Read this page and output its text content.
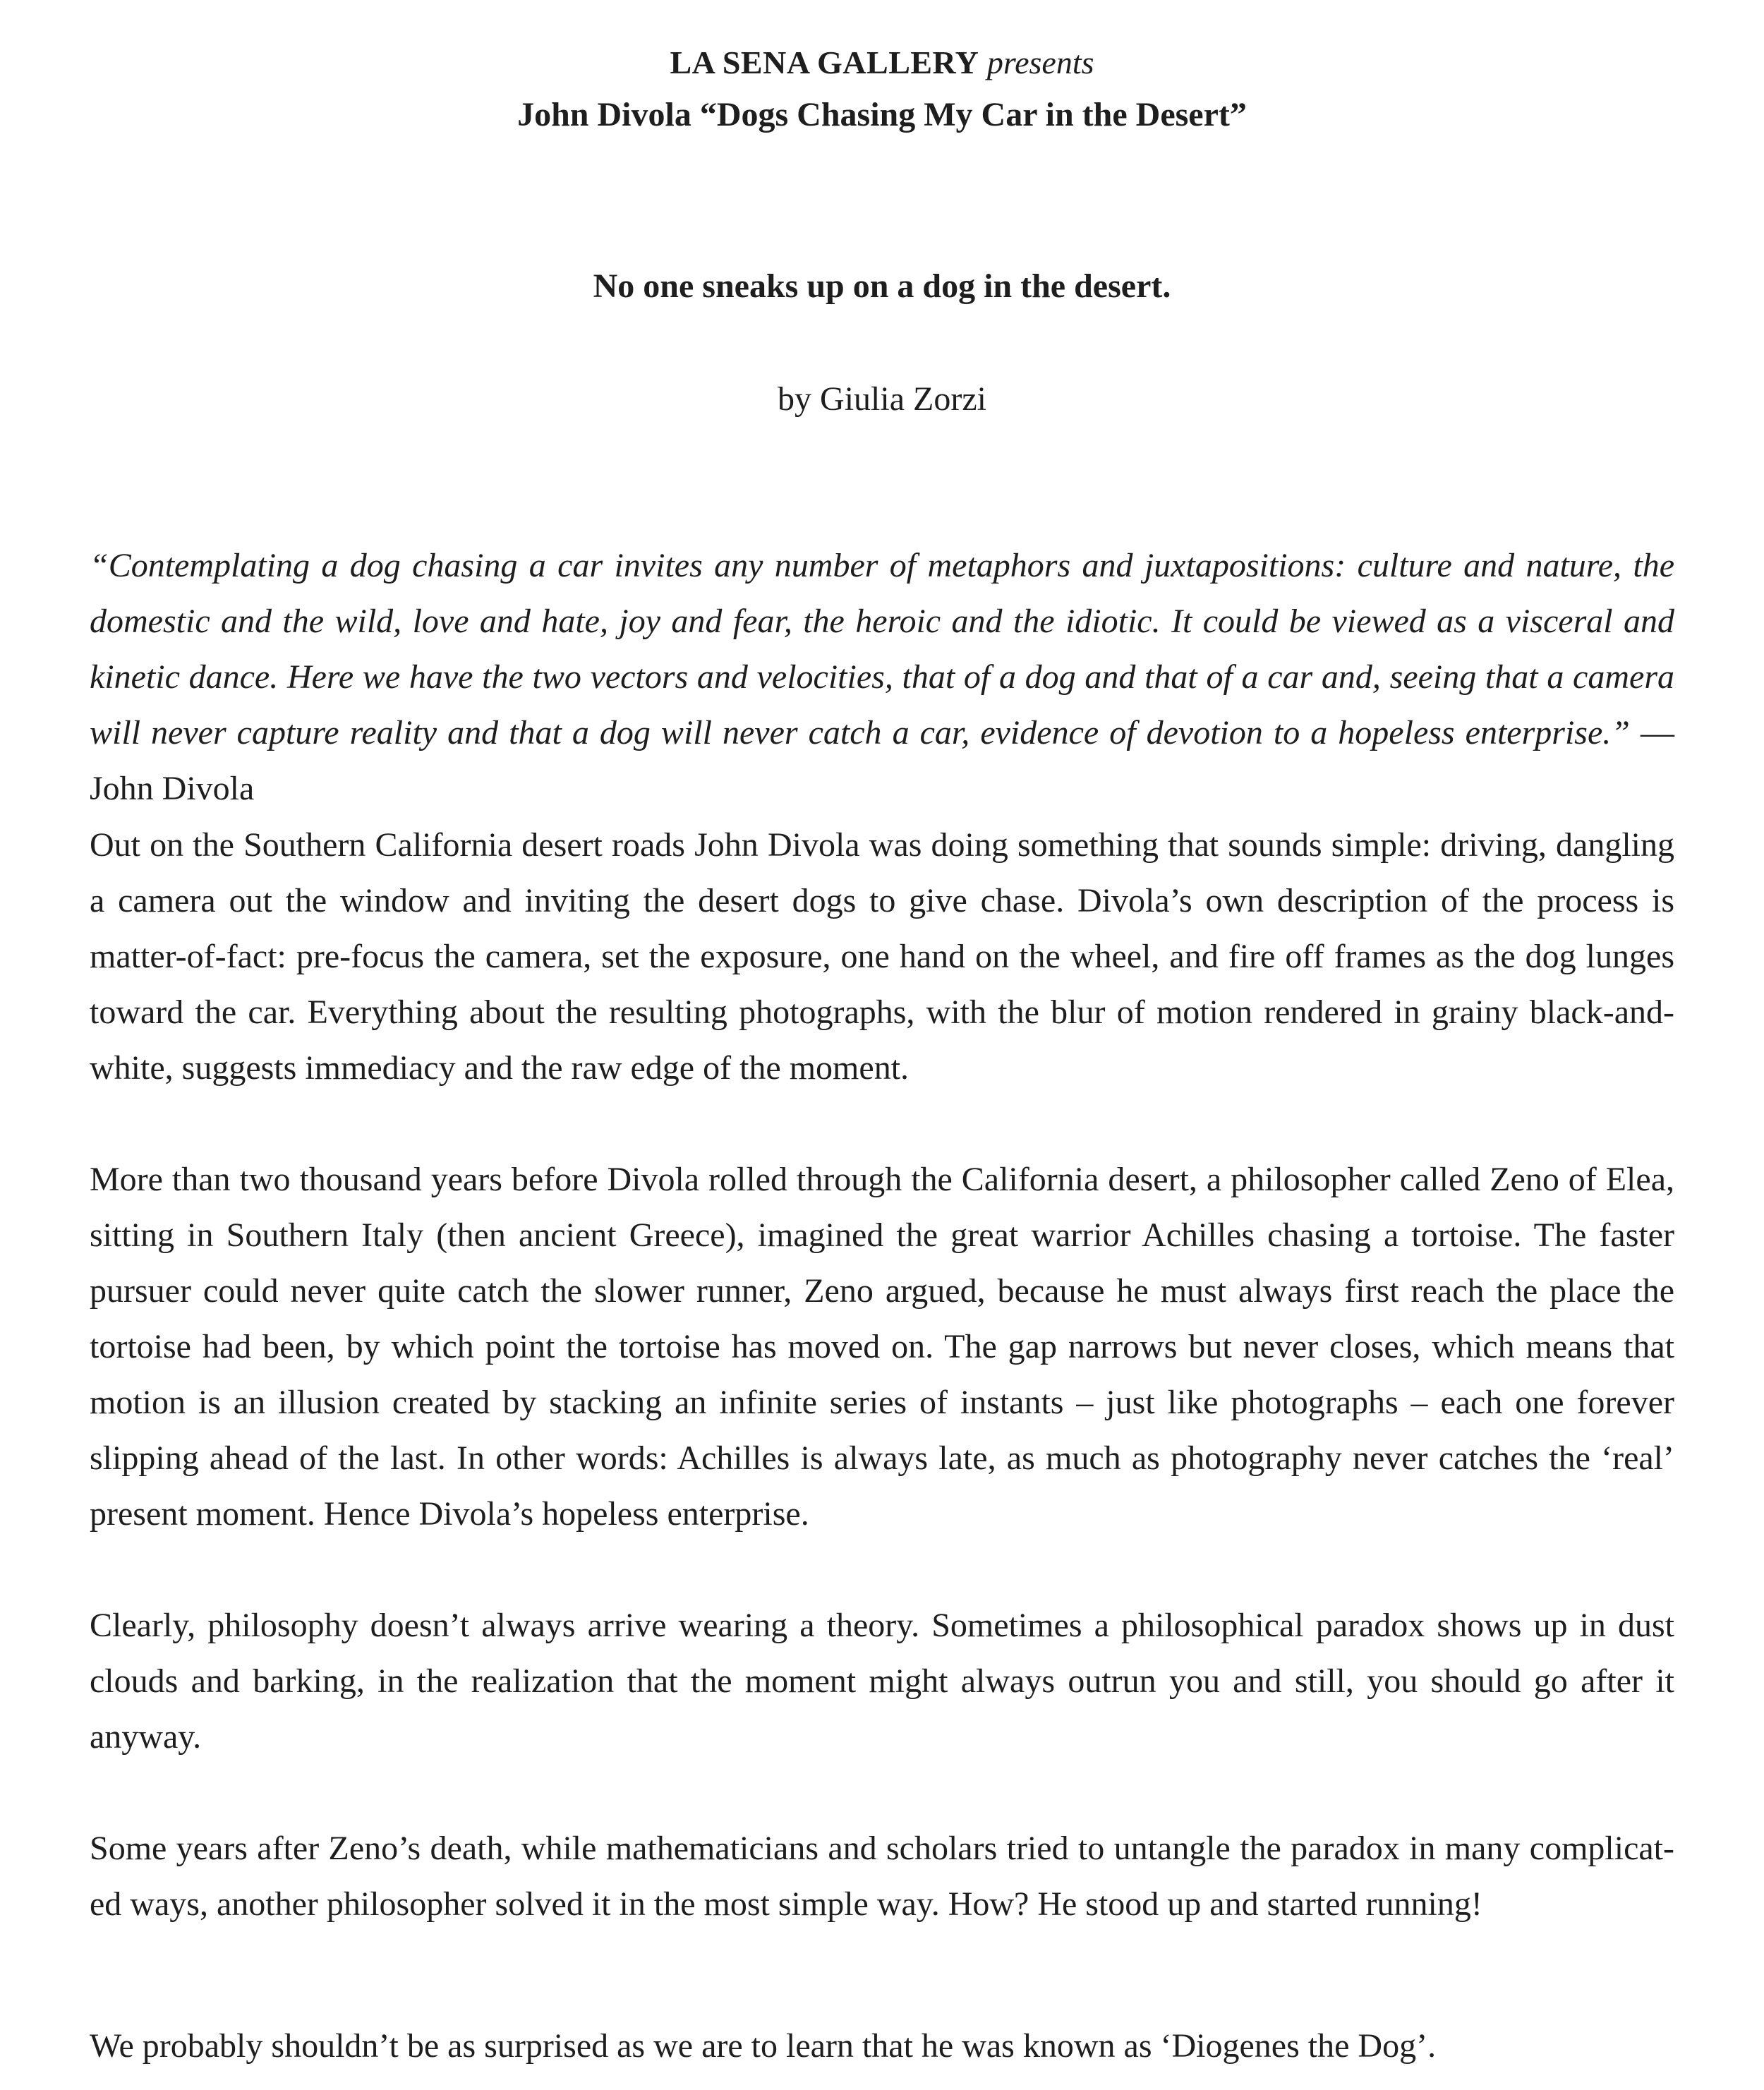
LA SENA GALLERY presents

John Divola “Dogs Chasing My Car in the Desert”

No one sneaks up on a dog in the desert.

by Giulia Zorzi

“Contemplating a dog chasing a car invites any number of metaphors and juxtapositions: culture and nature, the domestic and the wild, love and hate, joy and fear, the heroic and the idiotic. It could be viewed as a visceral and kinetic dance. Here we have the two vectors and velocities, that of a dog and that of a car and, seeing that a camera will never capture reality and that a dog will never catch a car, evidence of devotion to a hopeless enterprise.” — John Divola

Out on the Southern California desert roads John Divola was doing something that sounds simple: driving, dangling a camera out the window and inviting the desert dogs to give chase. Divola’s own description of the process is matter-of-fact: pre-focus the camera, set the exposure, one hand on the wheel, and fire off frames as the dog lunges toward the car. Everything about the resulting photographs, with the blur of motion rendered in grainy black-and-white, suggests immediacy and the raw edge of the moment.

More than two thousand years before Divola rolled through the California desert, a philosopher called Zeno of Elea, sitting in Southern Italy (then ancient Greece), imagined the great warrior Achilles chasing a tortoise. The faster pursuer could never quite catch the slower runner, Zeno argued, because he must always first reach the place the tortoise had been, by which point the tortoise has moved on. The gap narrows but never closes, which means that motion is an illusion created by stacking an infinite series of instants – just like photographs – each one forever slipping ahead of the last. In other words: Achilles is always late, as much as photography never catches the ‘real’ present moment. Hence Divola’s hopeless enterprise.

Clearly, philosophy doesn’t always arrive wearing a theory. Sometimes a philosophical paradox shows up in dust clouds and barking, in the realization that the moment might always outrun you and still, you should go after it anyway.

Some years after Zeno’s death, while mathematicians and scholars tried to untangle the paradox in many complicated ways, another philosopher solved it in the most simple way. How? He stood up and started running!

We probably shouldn’t be as surprised as we are to learn that he was known as ‘Diogenes the Dog’.
